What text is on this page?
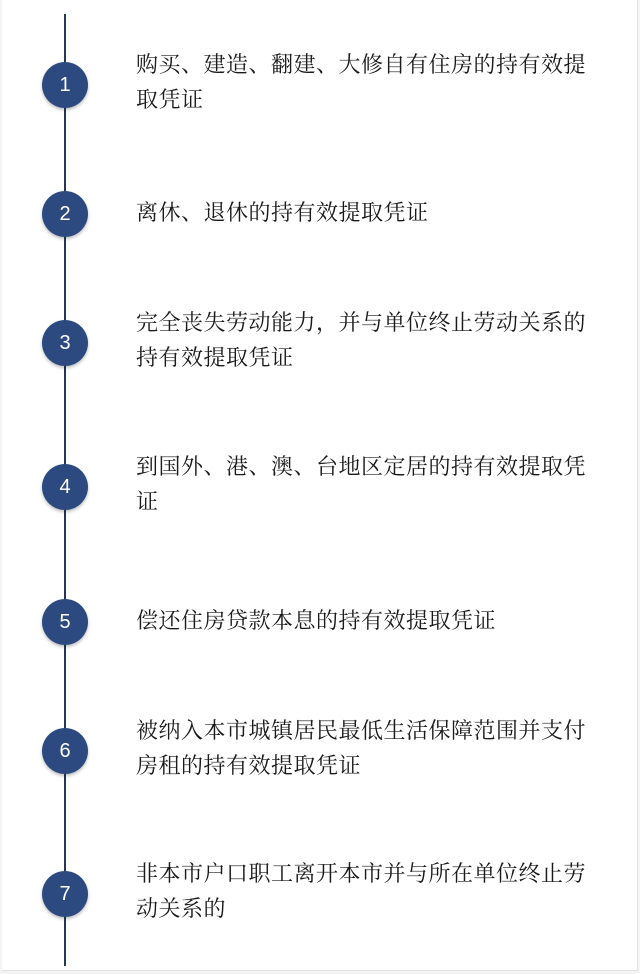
1
购买、建造、翻建、大修自有住房的持有效提取凭证
2	离休、退休的持有效提取凭证
3
完全丧失劳动能力，并与单位终止劳动关系的持有效提取凭证
4
到国外、港、澳、台地区定居的持有效提取凭证
5	偿还住房贷款本息的持有效提取凭证
6
被纳入本市城镇居民最低生活保障范围并支付房租的持有效提取凭证
7
非本市户口职工离开本市并与所在单位终止劳动关系的
